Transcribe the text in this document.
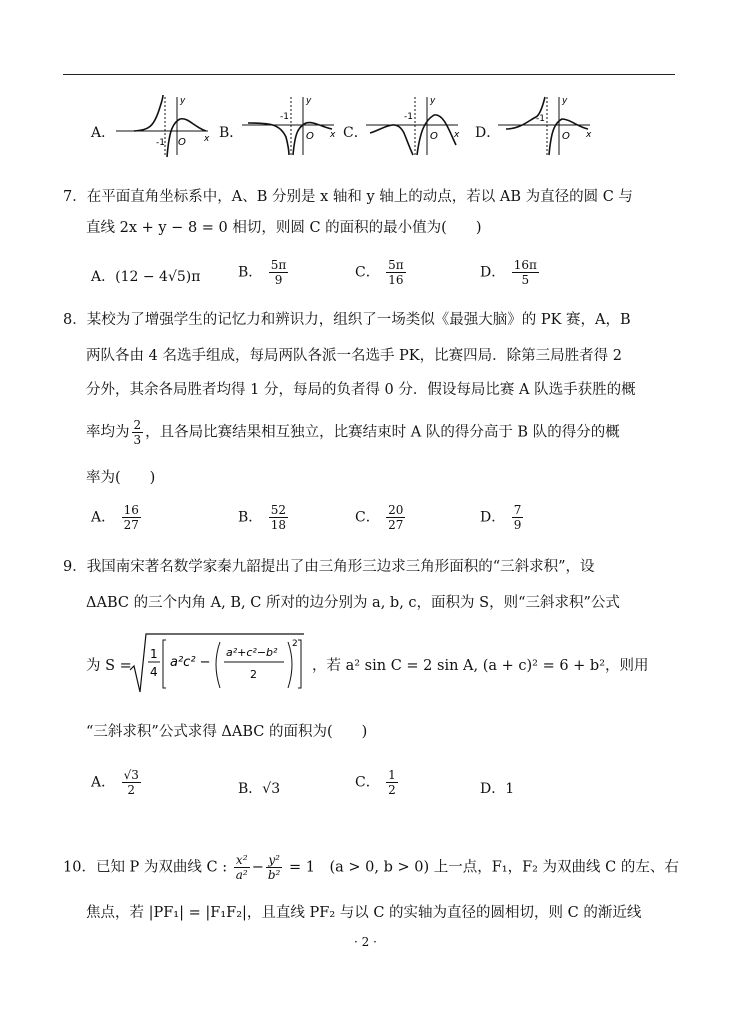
A．
-1 O
y
x B．
-1
O
y
x C．
-1
O
y
x D．
-1
O
y
x
7．在平面直角坐标系中，A、B 分别是 x 轴和 y 轴上的动点，若以 AB 为直径的圆 C 与
直线 2x + y − 8 = 0 相切，则圆 C 的面积的最小值为(　　)
A．(12 − 4√5)π	B． $\frac{5\pi}{9}$	C． $\frac{5\pi}{16}$	D． $\frac{16\pi}{5}$
8．某校为了增强学生的记忆力和辨识力，组织了一场类似《最强大脑》的 PK 赛，A，B
两队各由 4 名选手组成，每局两队各派一名选手 PK，比赛四局．除第三局胜者得 2
分外，其余各局胜者均得 1 分，每局的负者得 0 分．假设每局比赛 A 队选手获胜的概
率均为 $\frac{2}{3}$ ，且各局比赛结果相互独立，比赛结束时 A 队的得分高于 B 队的得分的概
率为(　　)
A． $\frac{16}{27}$	B． $\frac{52}{18}$	C． $\frac{20}{27}$	D． $\frac{7}{9}$
9．我国南宋著名数学家秦九韶提出了由三角形三边求三角形面积的“三斜求积”，设
ΔABC 的三个内角 A, B, C 所对的边分别为 a, b, c，面积为 S，则“三斜求积”公式
为 S =
1
4
a²c² −
a²+c²−b²
2
2
，若 a² sin C = 2 sin A, (a + c)² = 6 + b²，则用
“三斜求积”公式求得 ΔABC 的面积为(　　)
A． $\frac{√3}{2}$	B．√3	C． $\frac{1}{2}$	D．1
10．已知 P 为双曲线 C : $\frac{\text{x²}}{\text{a²}} - \frac{\text{y²}}{\text{b²}} = 1$　(a > 0, b > 0) 上一点，F₁，F₂ 为双曲线 C 的左、右
焦点，若 |PF₁| = |F₁F₂|，且直线 PF₂ 与以 C 的实轴为直径的圆相切，则 C 的渐近线
· 2 ·
